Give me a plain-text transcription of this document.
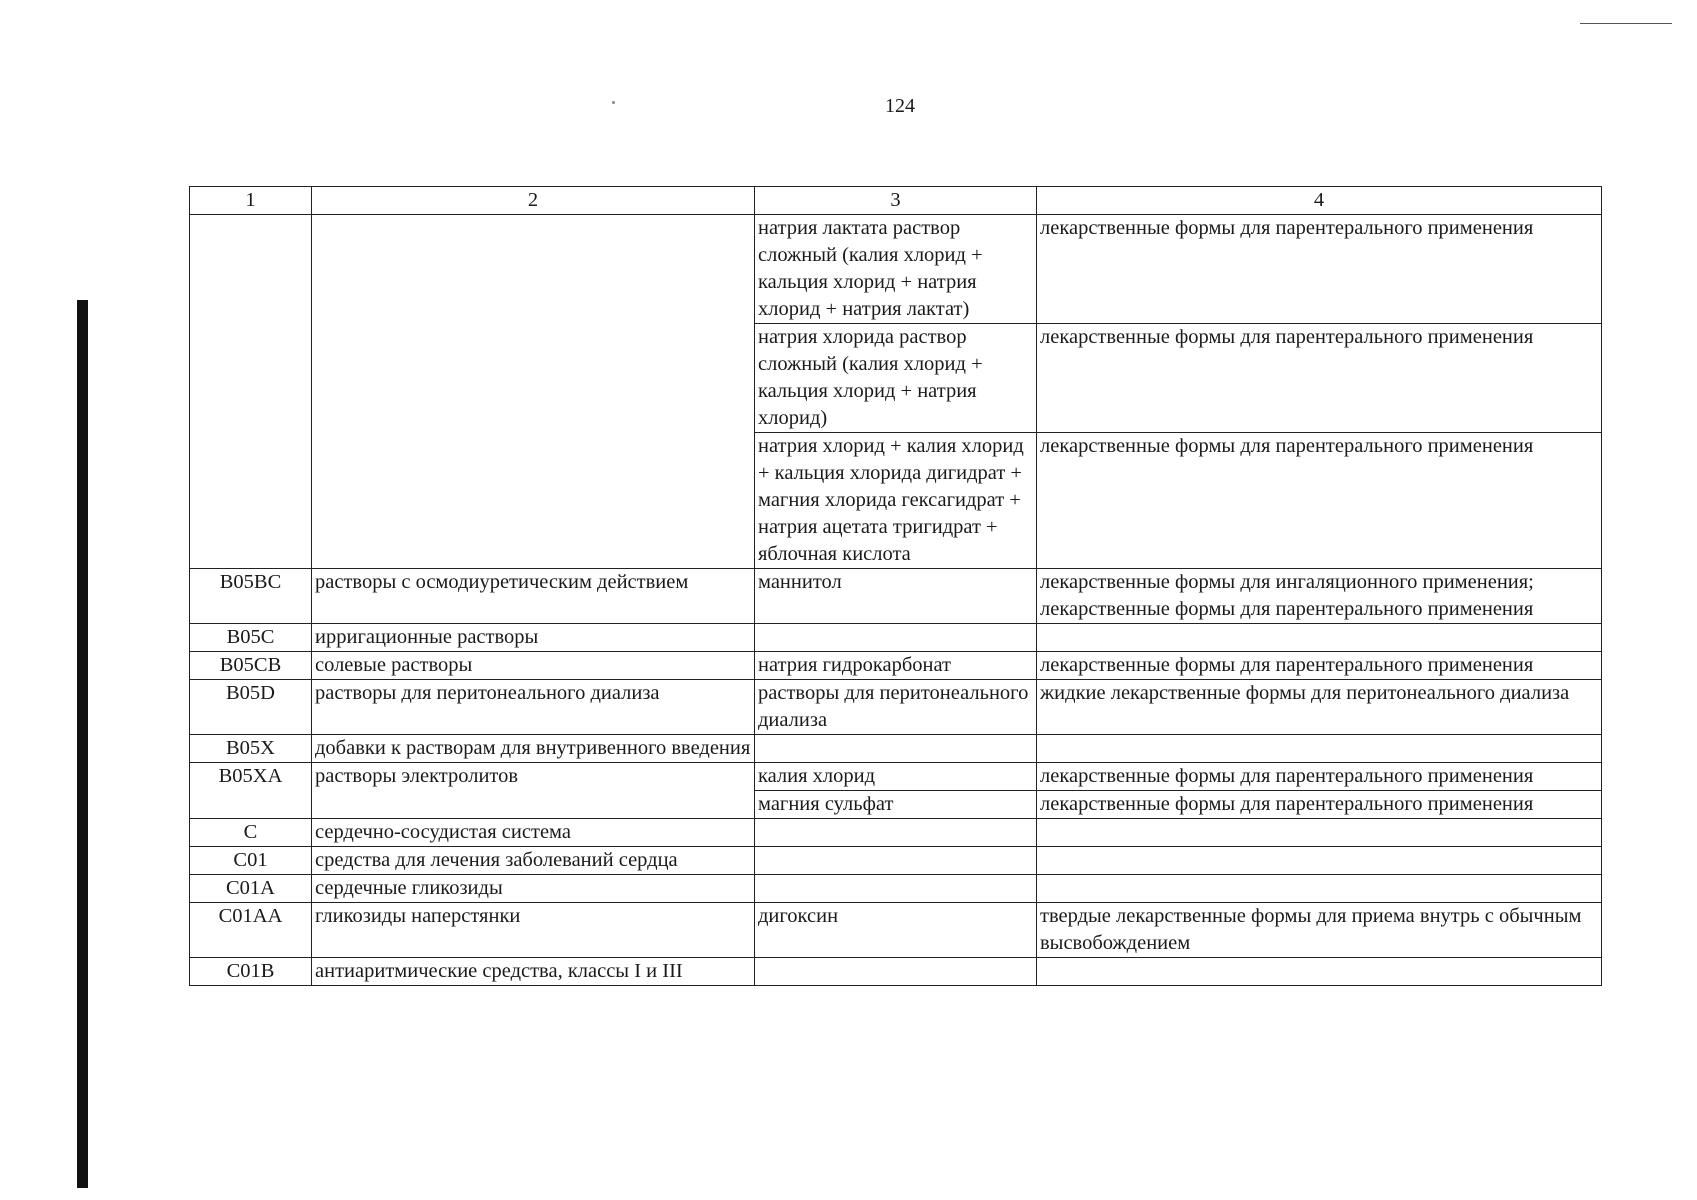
124
1	2	3	4
		натрия лактата раствор сложный (калия хлорид + кальция хлорид + натрия хлорид + натрия лактат)	лекарственные формы для парентерального применения
		натрия хлорида раствор сложный (калия хлорид + кальция хлорид + натрия хлорид)	лекарственные формы для парентерального применения
		натрия хлорид + калия хлорид + кальция хлорида дигидрат + магния хлорида гексагидрат + натрия ацетата тригидрат + яблочная кислота	лекарственные формы для парентерального применения
B05BC	растворы с осмодиуретическим действием	маннитол	лекарственные формы для ингаляционного применения; лекарственные формы для парентерального применения
B05C	ирригационные растворы		
B05CB	солевые растворы	натрия гидрокарбонат	лекарственные формы для парентерального применения
B05D	растворы для перитонеального диализа	растворы для перитонеального диализа	жидкие лекарственные формы для перитонеального диализа
B05X	добавки к растворам для внутривенного введения		
B05XA	растворы электролитов	калия хлорид	лекарственные формы для парентерального применения
		магния сульфат	лекарственные формы для парентерального применения
C	сердечно-сосудистая система		
C01	средства для лечения заболеваний сердца		
C01A	сердечные гликозиды		
C01AA	гликозиды наперстянки	дигоксин	твердые лекарственные формы для приема внутрь с обычным высвобождением
C01B	антиаритмические средства, классы I и III		
